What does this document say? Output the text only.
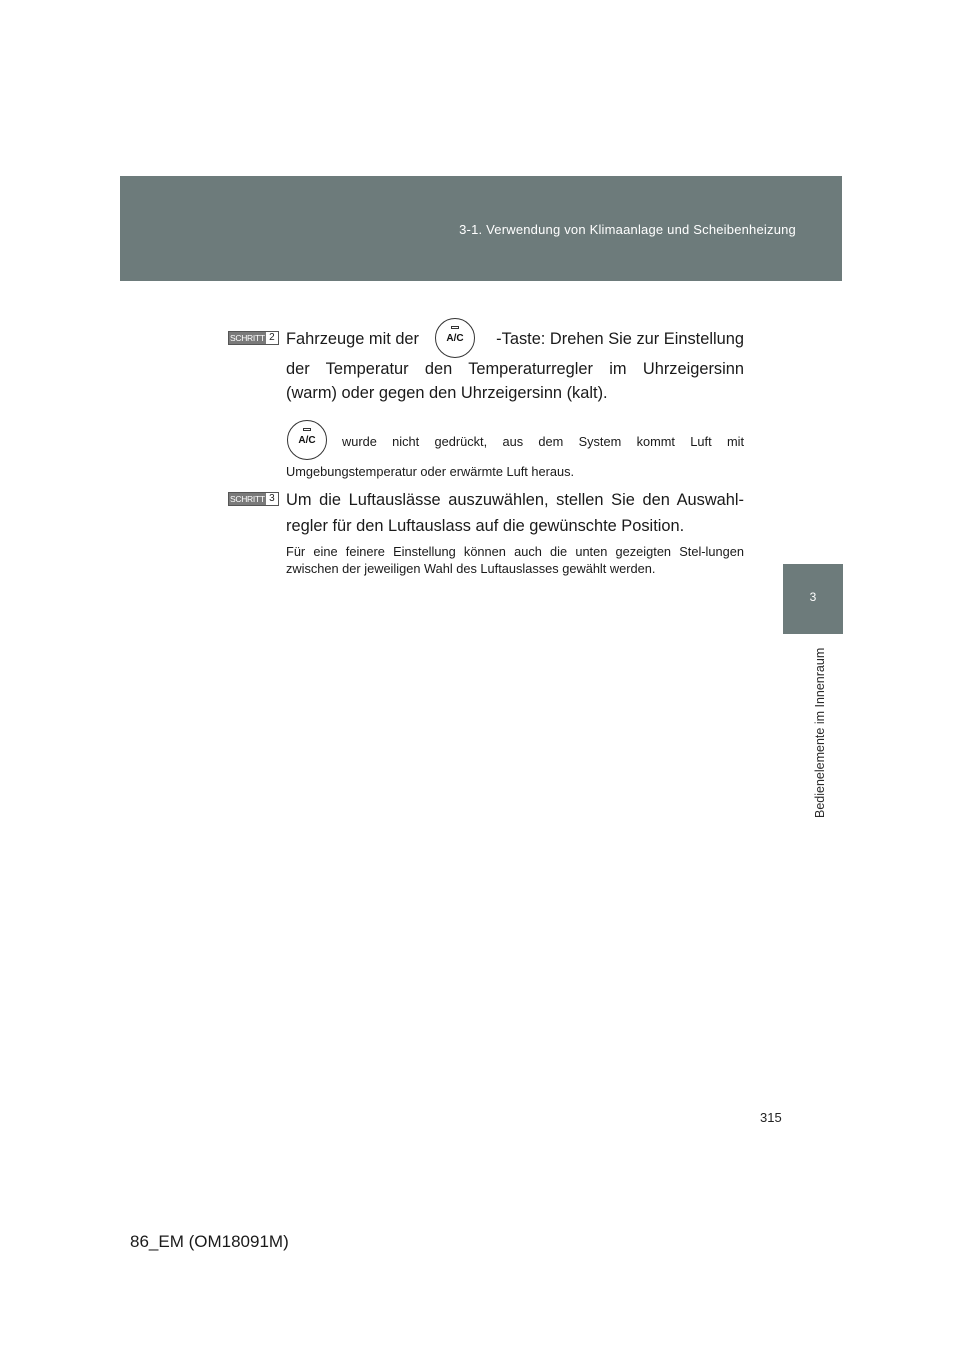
3-1. Verwendung von Klimaanlage und Scheibenheizung
3
Bedienelemente im Innenraum
SCHRITT 2 Fahrzeuge mit der	-Taste: Drehen Sie zur Einstellung
A/C
der Temperatur den Temperaturregler im Uhrzeigersinn
(warm) oder gegen den Uhrzeigersinn (kalt).
A/C	wurde nicht gedrückt, aus dem System kommt Luft mit
Umgebungstemperatur oder erwärmte Luft heraus.
SCHRITT 3 Um die Luftauslässe auszuwählen, stellen Sie den Auswahl-regler für den Luftauslass auf die gewünschte Position.
Für eine feinere Einstellung können auch die unten gezeigten Stel-lungen zwischen der jeweiligen Wahl des Luftauslasses gewählt werden.
315
86_EM (OM18091M)
